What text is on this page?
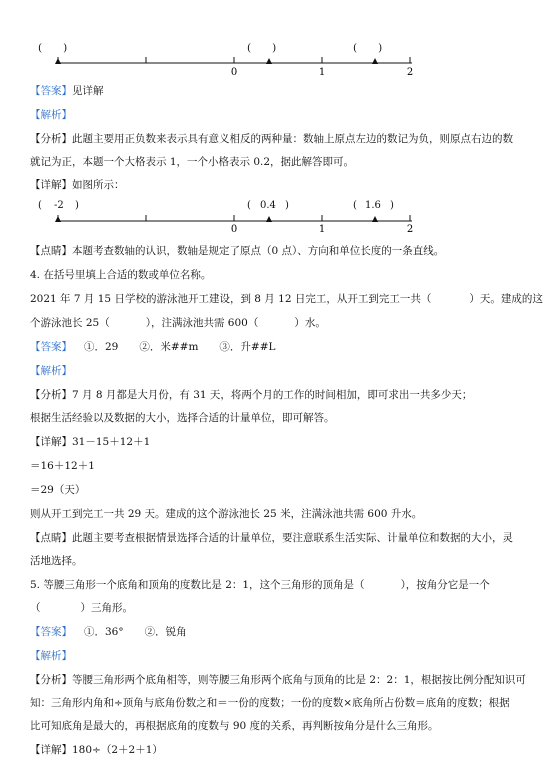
(　　)	(　　)	(　　)
0	1	2
【答案】见详解
【解析】
【分析】此题主要用正负数来表示具有意义相反的两种量：数轴上原点左边的数记为负，则原点右边的数
就记为正，本题一个大格表示 1，一个小格表示 0.2，据此解答即可。
【详解】如图所示：
( -2 )	( 0.4 )	( 1.6 )
0	1	2
【点睛】本题考查数轴的认识，数轴是规定了原点（0 点）、方向和单位长度的一条直线。
4. 在括号里填上合适的数或单位名称。
2021 年 7 月 15 日学校的游泳池开工建设，到 8 月 12 日完工，从开工到完工一共（	）天。建成的这
个游泳池长 25（	），注满泳池共需 600（	）水。
【答案】 ①．29　　②．米##m　　③．升##L
【解析】
【分析】7 月 8 月都是大月份，有 31 天，将两个月的工作的时间相加，即可求出一共多少天；
根据生活经验以及数据的大小，选择合适的计量单位，即可解答。
【详解】31－15＋12＋1
＝16＋12＋1
＝29（天）
则从开工到完工一共 29 天。建成的这个游泳池长 25 米，注满泳池共需 600 升水。
【点睛】此题主要考查根据情景选择合适的计量单位，要注意联系生活实际、计量单位和数据的大小，灵
活地选择。
5. 等腰三角形一个底角和顶角的度数比是 2：1，这个三角形的顶角是（	），按角分它是一个
（	）三角形。
【答案】 ①．36°　　②．锐角
【解析】
【分析】等腰三角形两个底角相等，则等腰三角形两个底角与顶角的比是 2：2：1，根据按比例分配知识可
知：三角形内角和÷顶角与底角份数之和＝一份的度数；一份的度数×底角所占份数＝底角的度数；根据
比可知底角是最大的，再根据底角的度数与 90 度的关系，再判断按角分是什么三角形。
【详解】180÷（2＋2＋1）
